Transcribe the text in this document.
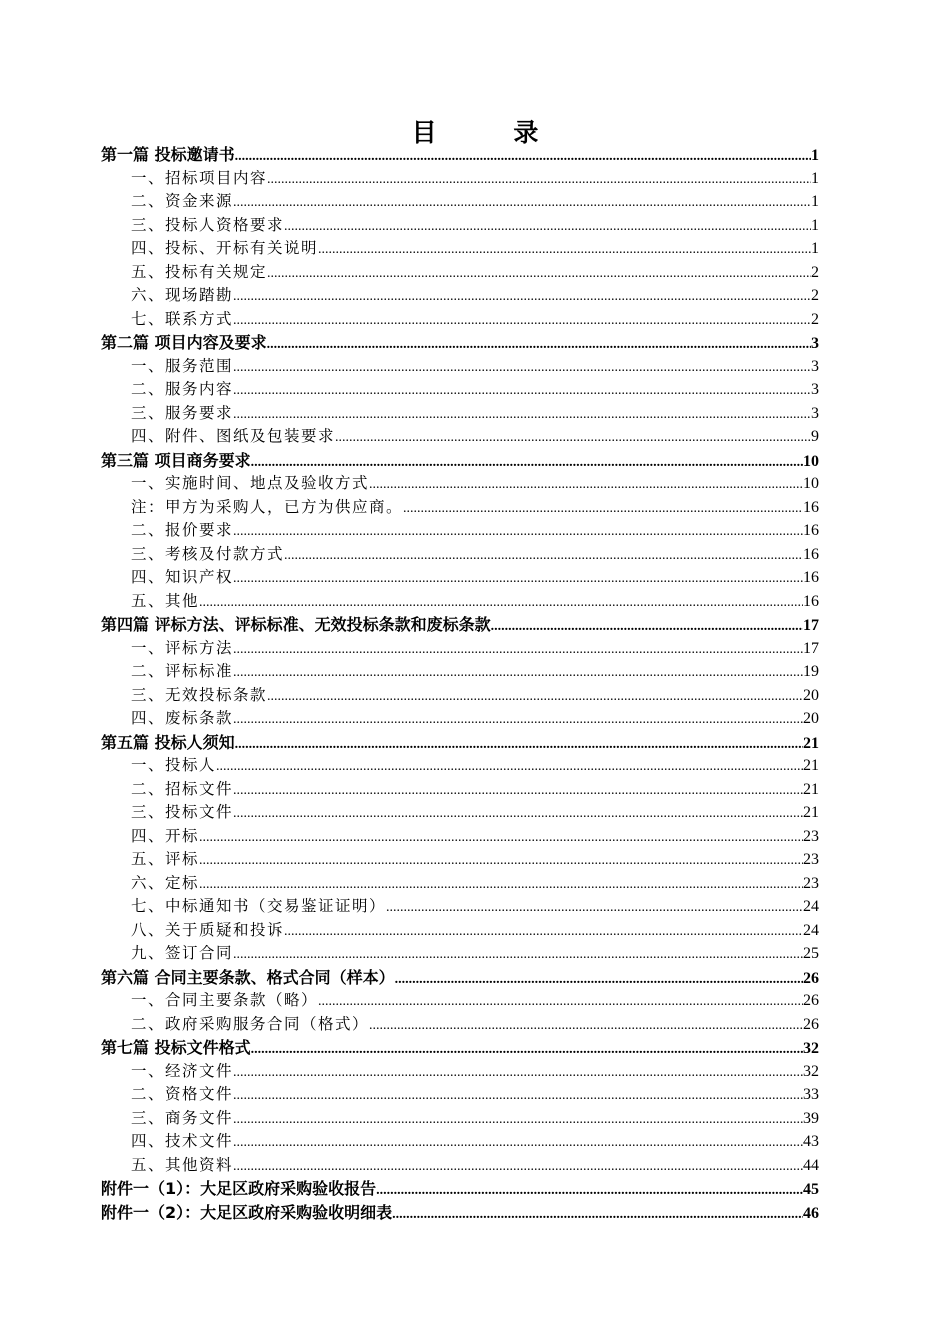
目 录
第一篇 投标邀请书 .....	1
一、招标项目内容 .....	1
二、资金来源 .....	1
三、投标人资格要求 .....	1
四、投标、开标有关说明 .....	1
五、投标有关规定 .....	2
六、现场踏勘 .....	2
七、联系方式 .....	2
第二篇 项目内容及要求 .....	3
一、服务范围 .....	3
二、服务内容 .....	3
三、服务要求 .....	3
四、附件、图纸及包装要求 .....	9
第三篇 项目商务要求 .....	10
一、实施时间、地点及验收方式 .....	10
注：甲方为采购人，已方为供应商。 .....	16
二、报价要求 .....	16
三、考核及付款方式 .....	16
四、知识产权 .....	16
五、其他 .....	16
第四篇 评标方法、评标标准、无效投标条款和废标条款 .....	17
一、评标方法 .....	17
二、评标标准 .....	19
三、无效投标条款 .....	20
四、废标条款 .....	20
第五篇 投标人须知 .....	21
一、投标人 .....	21
二、招标文件 .....	21
三、投标文件 .....	21
四、开标 .....	23
五、评标 .....	23
六、定标 .....	23
七、中标通知书（交易鉴证证明） .....	24
八、关于质疑和投诉 .....	24
九、签订合同 .....	25
第六篇 合同主要条款、格式合同（样本） .....	26
一、合同主要条款（略） .....	26
二、政府采购服务合同（格式） .....	26
第七篇 投标文件格式 .....	32
一、经济文件 .....	32
二、资格文件 .....	33
三、商务文件 .....	39
四、技术文件 .....	43
五、其他资料 .....	44
附件一（1）：大足区政府采购验收报告 .....	45
附件一（2）：大足区政府采购验收明细表 .....	46
